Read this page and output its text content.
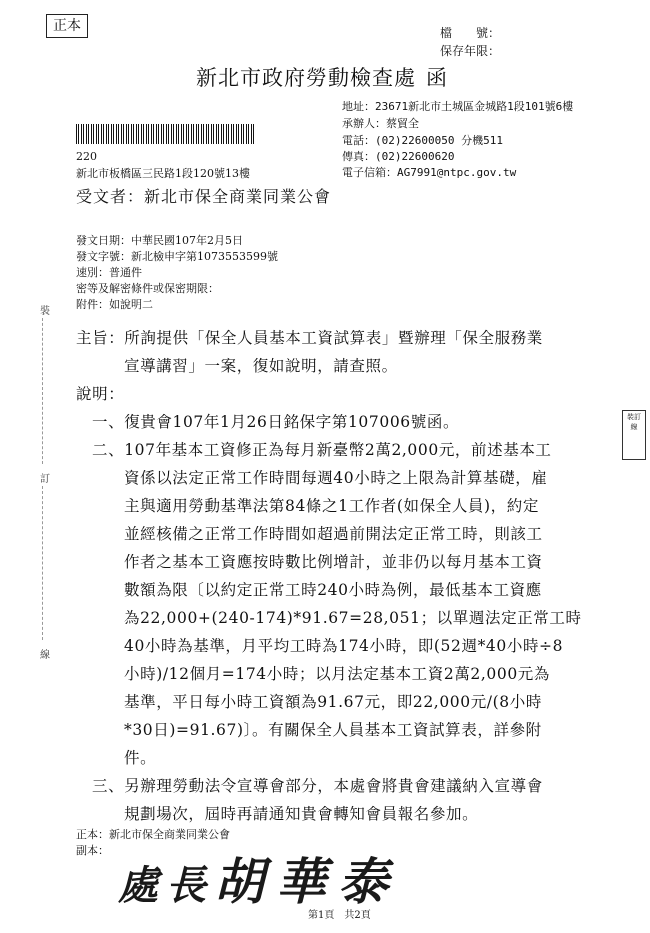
正本	檔　　號：
保存年限：
新北市政府勞動檢查處 函
地址：23671新北市土城區金城路1段101號6樓
承辦人：蔡貿全
電話：(02)22600050 分機511
傳真：(02)22600620
電子信箱：AG7991@ntpc.gov.tw
220
新北市板橋區三民路1段120號13樓
受文者：新北市保全商業同業公會
發文日期：中華民國107年2月5日
發文字號：新北檢申字第1073553599號
速別：普通件
密等及解密條件或保密期限：
附件：如說明二
裝
訂
線
裝訂線
主旨：所詢提供「保全人員基本工資試算表」暨辦理「保全服務業
宣導講習」一案，復如說明，請查照。
說明：
一、復貴會107年1月26日銘保字第107006號函。
二、107年基本工資修正為每月新臺幣2萬2,000元，前述基本工
資係以法定正常工作時間每週40小時之上限為計算基礎，雇
主與適用勞動基準法第84條之1工作者(如保全人員)，約定
並經核備之正常工作時間如超過前開法定正常工時，則該工
作者之基本工資應按時數比例增計，並非仍以每月基本工資
數額為限〔以約定正常工時240小時為例，最低基本工資應
為22,000+(240-174)*91.67=28,051；以單週法定正常工時
40小時為基準，月平均工時為174小時，即(52週*40小時÷8
小時)/12個月=174小時；以月法定基本工資2萬2,000元為
基準，平日每小時工資額為91.67元，即22,000元/(8小時
*30日)=91.67)〕。有關保全人員基本工資試算表，詳參附
件。
三、另辦理勞動法令宣導會部分，本處會將貴會建議納入宣導會
規劃場次，屆時再請通知貴會轉知會員報名參加。
正本：新北市保全商業同業公會
副本：
處長胡華泰
第1頁　共2頁
